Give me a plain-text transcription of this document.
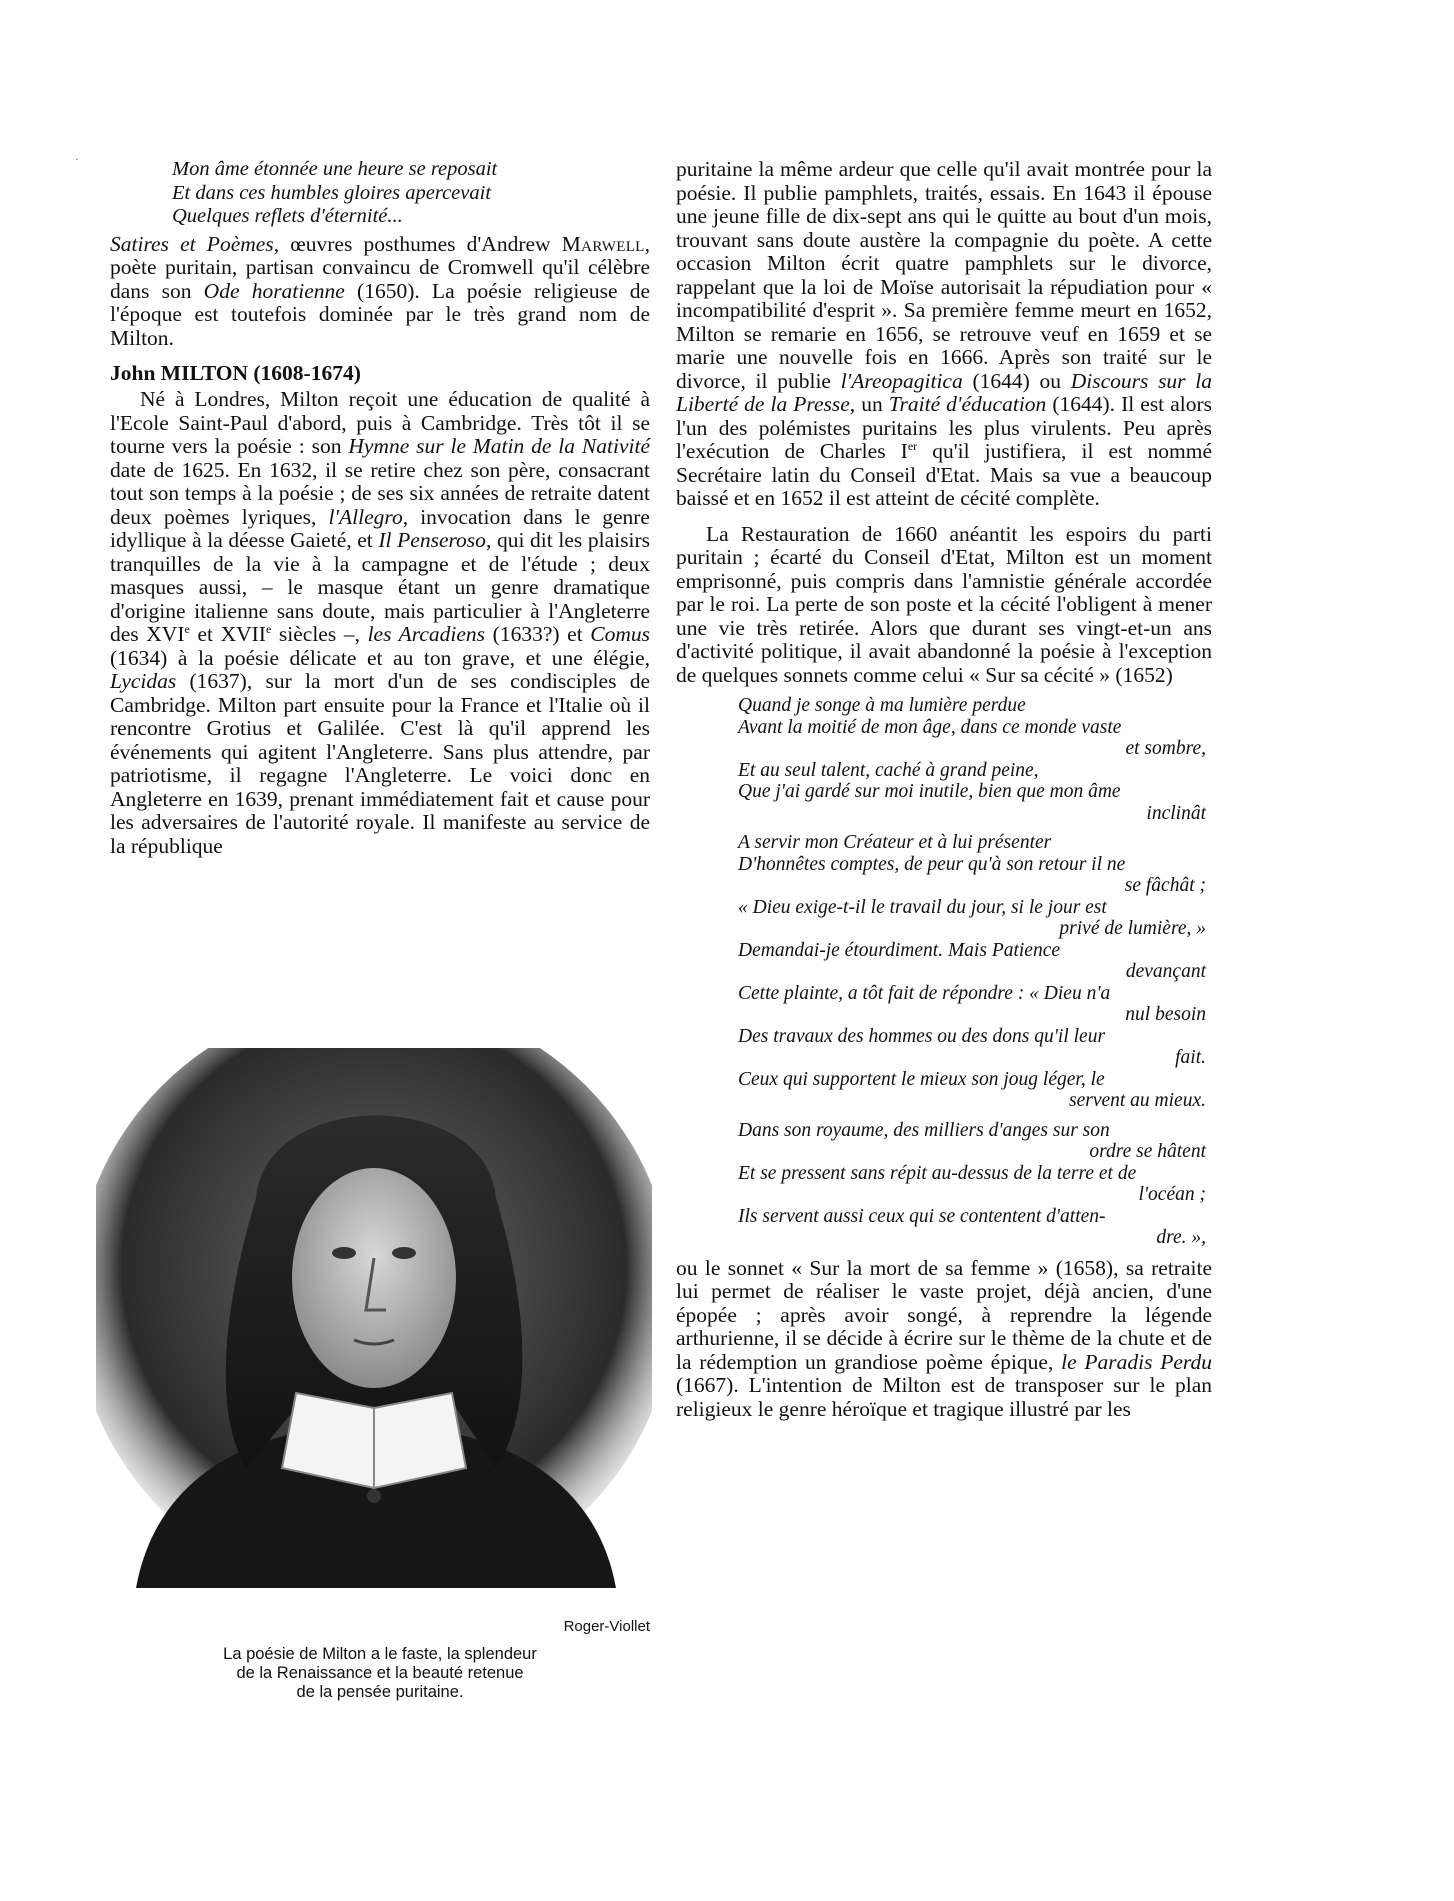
·	Mon âme étonnée une heure se reposait
Et dans ces humbles gloires apercevait
Quelques reflets d'éternité...

Satires et Poèmes, œuvres posthumes d'Andrew Marwell, poète puritain, partisan convaincu de Cromwell qu'il célèbre dans son Ode horatienne (1650). La poésie religieuse de l'époque est toutefois dominée par le très grand nom de Milton.

John MILTON (1608-1674)

Né à Londres, Milton reçoit une éducation de qualité à l'Ecole Saint-Paul d'abord, puis à Cambridge. Très tôt il se tourne vers la poésie : son Hymne sur le Matin de la Nativité date de 1625. En 1632, il se retire chez son père, consacrant tout son temps à la poésie ; de ses six années de retraite datent deux poèmes lyriques, l'Allegro, invocation dans le genre idyllique à la déesse Gaieté, et Il Penseroso, qui dit les plaisirs tranquilles de la vie à la campagne et de l'étude ; deux masques aussi, – le masque étant un genre dramatique d'origine italienne sans doute, mais particulier à l'Angleterre des XVIe et XVIIe siècles –, les Arcadiens (1633?) et Comus (1634) à la poésie délicate et au ton grave, et une élégie, Lycidas (1637), sur la mort d'un de ses condisciples de Cambridge. Milton part ensuite pour la France et l'Italie où il rencontre Grotius et Galilée. C'est là qu'il apprend les événements qui agitent l'Angleterre. Sans plus attendre, par patriotisme, il regagne l'Angleterre. Le voici donc en Angleterre en 1639, prenant immédiatement fait et cause pour les adversaires de l'autorité royale. Il manifeste au service de la république

Roger-Viollet
La poésie de Milton a le faste, la splendeur
de la Renaissance et la beauté retenue
de la pensée puritaine.

puritaine la même ardeur que celle qu'il avait montrée pour la poésie. Il publie pamphlets, traités, essais. En 1643 il épouse une jeune fille de dix-sept ans qui le quitte au bout d'un mois, trouvant sans doute austère la compagnie du poète. A cette occasion Milton écrit quatre pamphlets sur le divorce, rappelant que la loi de Moïse autorisait la répudiation pour « incompatibilité d'esprit ». Sa première femme meurt en 1652, Milton se remarie en 1656, se retrouve veuf en 1659 et se marie une nouvelle fois en 1666. Après son traité sur le divorce, il publie l'Areopagitica (1644) ou Discours sur la Liberté de la Presse, un Traité d'éducation (1644). Il est alors l'un des polémistes puritains les plus virulents. Peu après l'exécution de Charles Ier qu'il justifiera, il est nommé Secrétaire latin du Conseil d'Etat. Mais sa vue a beaucoup baissé et en 1652 il est atteint de cécité complète.

La Restauration de 1660 anéantit les espoirs du parti puritain ; écarté du Conseil d'Etat, Milton est un moment emprisonné, puis compris dans l'amnistie générale accordée par le roi. La perte de son poste et la cécité l'obligent à mener une vie très retirée. Alors que durant ses vingt-et-un ans d'activité politique, il avait abandonné la poésie à l'exception de quelques sonnets comme celui « Sur sa cécité » (1652)

Quand je songe à ma lumière perdue

Avant la moitié de mon âge, dans ce monde vaste

et sombre,

Et au seul talent, caché à grand peine,

Que j'ai gardé sur moi inutile, bien que mon âme

inclinât

A servir mon Créateur et à lui présenter

D'honnêtes comptes, de peur qu'à son retour il ne

se fâchât ;

« Dieu exige-t-il le travail du jour, si le jour est

privé de lumière, »

Demandai-je étourdiment. Mais Patience

devançant

Cette plainte, a tôt fait de répondre : « Dieu n'a

nul besoin

Des travaux des hommes ou des dons qu'il leur

fait.

Ceux qui supportent le mieux son joug léger, le

servent au mieux.

Dans son royaume, des milliers d'anges sur son

ordre se hâtent

Et se pressent sans répit au-dessus de la terre et de

l'océan ;

Ils servent aussi ceux qui se contentent d'atten-

dre. »,

ou le sonnet « Sur la mort de sa femme » (1658), sa retraite lui permet de réaliser le vaste projet, déjà ancien, d'une épopée ; après avoir songé, à reprendre la légende arthurienne, il se décide à écrire sur le thème de la chute et de la rédemption un grandiose poème épique, le Paradis Perdu (1667). L'intention de Milton est de transposer sur le plan religieux le genre héroïque et tragique illustré par les
